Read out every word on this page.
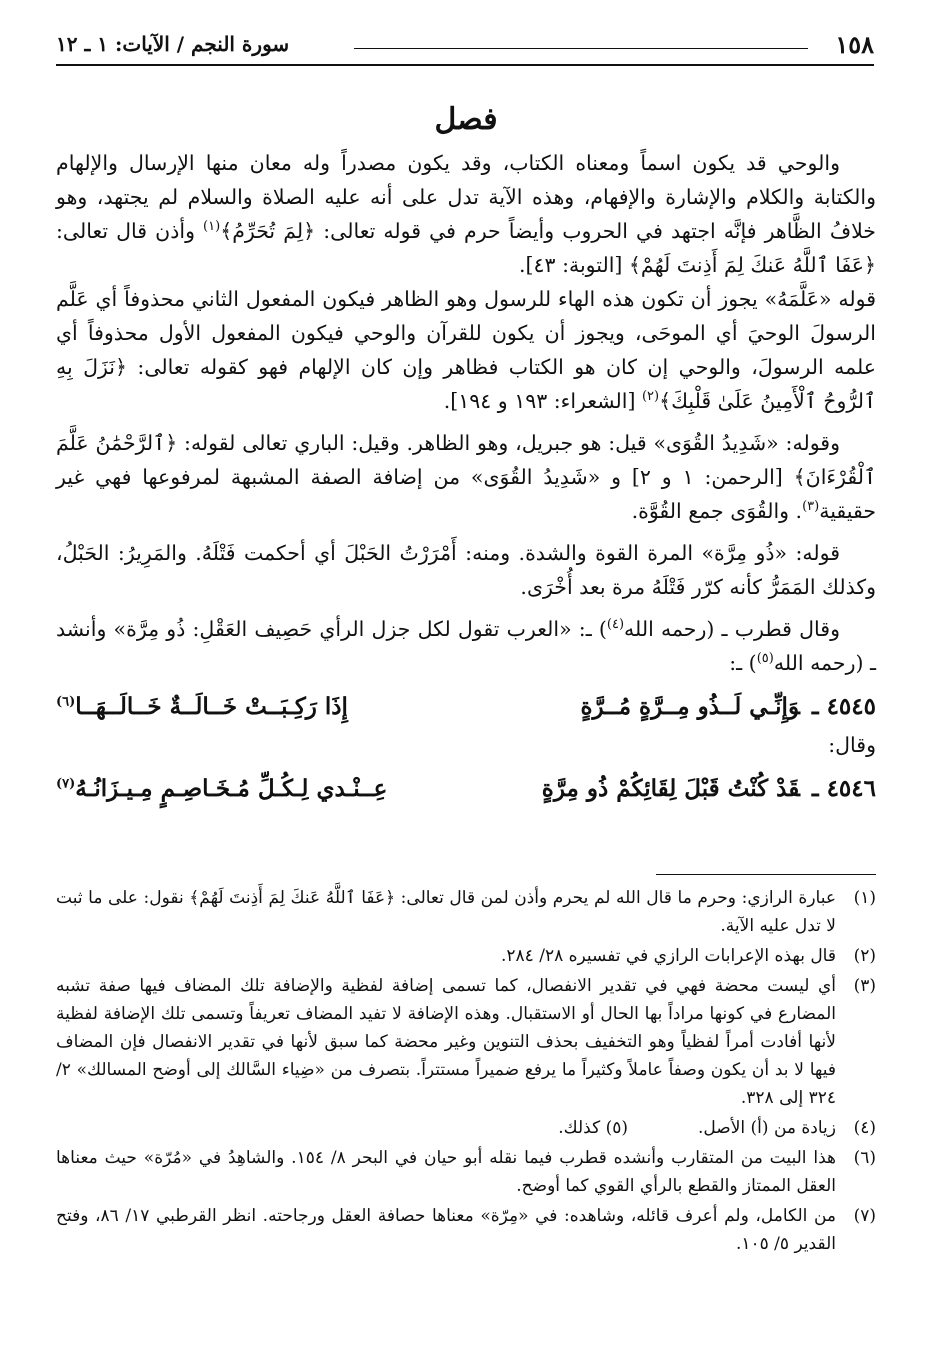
١٥٨
سورة النجم / الآيات: ١ ـ ١٢
فصل

والوحي قد يكون اسماً ومعناه الكتاب، وقد يكون مصدراً وله معان منها الإرسال والإلهام والكتابة والكلام والإشارة والإفهام، وهذه الآية تدل على أنه عليه الصلاة والسلام لم يجتهد، وهو خلافُ الظَّاهر فإنَّه اجتهد في الحروب وأيضاً حرم في قوله تعالى: ﴿لِمَ تُحَرِّمُ﴾$^{(١)}$ وأذن قال تعالى: ﴿عَفَا ٱللَّهُ عَنكَ لِمَ أَذِنتَ لَهُمْ﴾ [التوبة: ٤٣].

قوله «عَلَّمَهُ» يجوز أن تكون هذه الهاء للرسول وهو الظاهر فيكون المفعول الثاني محذوفاً أي عَلَّم الرسولَ الوحيَ أي الموحَى، ويجوز أن يكون للقرآن والوحي فيكون المفعول الأول محذوفاً أي علمه الرسولَ، والوحي إن كان هو الكتاب فظاهر وإن كان الإلهام فهو كقوله تعالى: ﴿نَزَلَ بِهِ ٱلرُّوحُ ٱلْأَمِينُ عَلَىٰ قَلْبِكَ﴾$^{(٢)}$ [الشعراء: ١٩٣ و ١٩٤].

وقوله: «شَدِيدُ القُوَى» قيل: هو جبريل، وهو الظاهر. وقيل: الباري تعالى لقوله: ﴿ٱلرَّحْمَٰنُ عَلَّمَ ٱلْقُرْءَانَ﴾ [الرحمن: ١ و ٢] و «شَدِيدُ القُوَى» من إضافة الصفة المشبهة لمرفوعها فهي غير حقيقية$^{(٣)}$. والقُوَى جمع القُوَّة.

قوله: «ذُو مِرَّة» المرة القوة والشدة. ومنه: أَمْرَرْتُ الحَبْلَ أي أحكمت فَتْلَهُ. والمَرِيرُ: الحَبْلُ، وكذلك المَمَرُّ كأنه كرّر فَتْلَهُ مرة بعد أُخْرَى.

وقال قطرب ـ (رحمه الله$^{(٤)}$) ـ: «العرب تقول لكل جزل الرأي حَصِيف العَقْلِ: ذُو مِرَّة» وأنشد ـ (رحمه الله$^{(٥)}$) ـ:

٤٥٤٥ ـوَإِنِّـي لَــذُو مِــرَّةٍ مُــرَّةٍ
إِذَا رَكِـبَــتْ خَــالَــةٌ خَــالَــهَــا$^{(٦)}$

وقال:

٤٥٤٦ ـقَدْ كُنْتُ قَبْلَ لِقَائِكُمْ ذُو مِرَّةٍ
عِــنْـدي لِـكُـلِّ مُـخَـاصِـمٍ مِـيـزَانُـهُ$^{(٧)}$
(١)
عبارة الرازي: وحرم ما قال الله لم يحرم وأذن لمن قال تعالى: ﴿عَفَا ٱللَّهُ عَنكَ لِمَ أَذِنتَ لَهُمْ﴾ نقول: على ما ثبت لا تدل عليه الآية.
(٢)
قال بهذه الإعرابات الرازي في تفسيره ٢٨/ ٢٨٤.
(٣)
أي ليست محضة فهي في تقدير الانفصال، كما تسمى إضافة لفظية والإضافة تلك المضاف فيها صفة تشبه المضارع في كونها مراداً بها الحال أو الاستقبال. وهذه الإضافة لا تفيد المضاف تعريفاً وتسمى تلك الإضافة لفظية لأنها أفادت أمراً لفظياً وهو التخفيف بحذف التنوين وغير محضة كما سبق لأنها في تقدير الانفصال فإن المضاف فيها لا بد أن يكون وصفاً عاملاً وكثيراً ما يرفع ضميراً مستتراً. بتصرف من «ضِياء السَّالك إلى أوضح المسالك» ٢/ ٣٢٤ إلى ٣٢٨.
(٤)
زيادة من (أ) الأصل.
(٥)

كذلك.
(٦)
هذا البيت من المتقارب وأنشده قطرب فيما نقله أبو حيان في البحر ٨/ ١٥٤. والشاهِدُ في «مُرّة» حيث معناها العقل الممتاز والقطع بالرأي القوي كما أوضح.
(٧)
من الكامل، ولم أعرف قائله، وشاهده: في «مِرّة» معناها حصافة العقل ورجاحته. انظر القرطبي ١٧/ ٨٦، وفتح القدير ٥/ ١٠٥.
